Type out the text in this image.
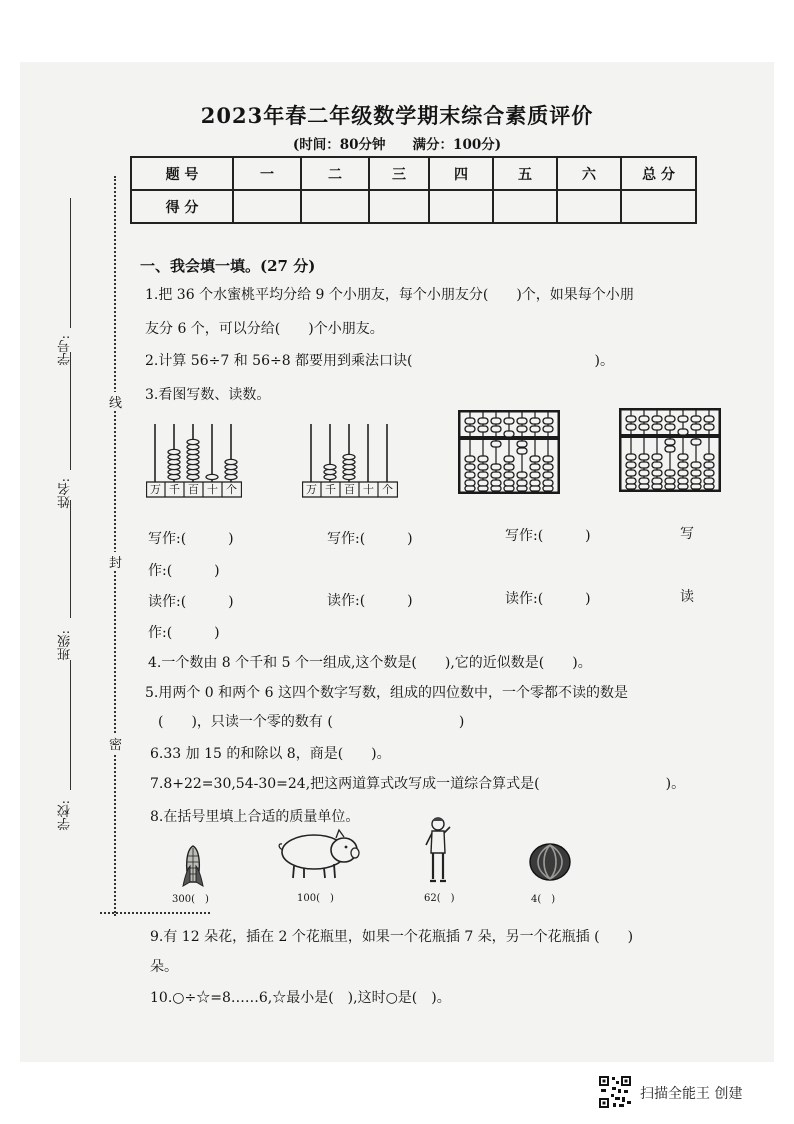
2023年春二年级数学期末综合素质评价
(时间：80分钟　　满分：100分)
题 号	一	二	三	四	五	六	总 分
得 分							
学号:
姓名:
班级:
学校:
线
封
密
一、我会填一填。(27 分)
1.把 36 个水蜜桃平均分给 9 个小朋友，每个小朋友分(　　)个，如果每个小朋
友分 6 个，可以分给(　　)个小朋友。
2.计算 56÷7 和 56÷8 都要用到乘法口诀(　　　　　　　　　　　　　)。
3.看图写数、读数。
万 千 百 十 个	万 千 百 十 个
写作:(　　　)	写作:(　　　)	写作:(　　　)	写
作:(　　　)
读作:(　　　)	读作:(　　　)	读作:(　　　)	读
作:(　　　)
4.一个数由 8 个千和 5 个一组成,这个数是(　　),它的近似数是(　　)。
5.用两个 0 和两个 6 这四个数字写数，组成的四位数中，一个零都不读的数是
(　　)，只读一个零的数有 (　　　　　　　　　)
6.33 加 15 的和除以 8，商是(　　)。
7.8+22=30,54-30=24,把这两道算式改写成一道综合算式是(　　　　　　　　　)。
8.在括号里填上合适的质量单位。
300(　)	100(　)	62(　)	4(　)
9.有 12 朵花，插在 2 个花瓶里，如果一个花瓶插 7 朵，另一个花瓶插 (　　)
朵。
10.○÷☆=8……6,☆最小是(　),这时○是(　)。
扫描全能王 创建
